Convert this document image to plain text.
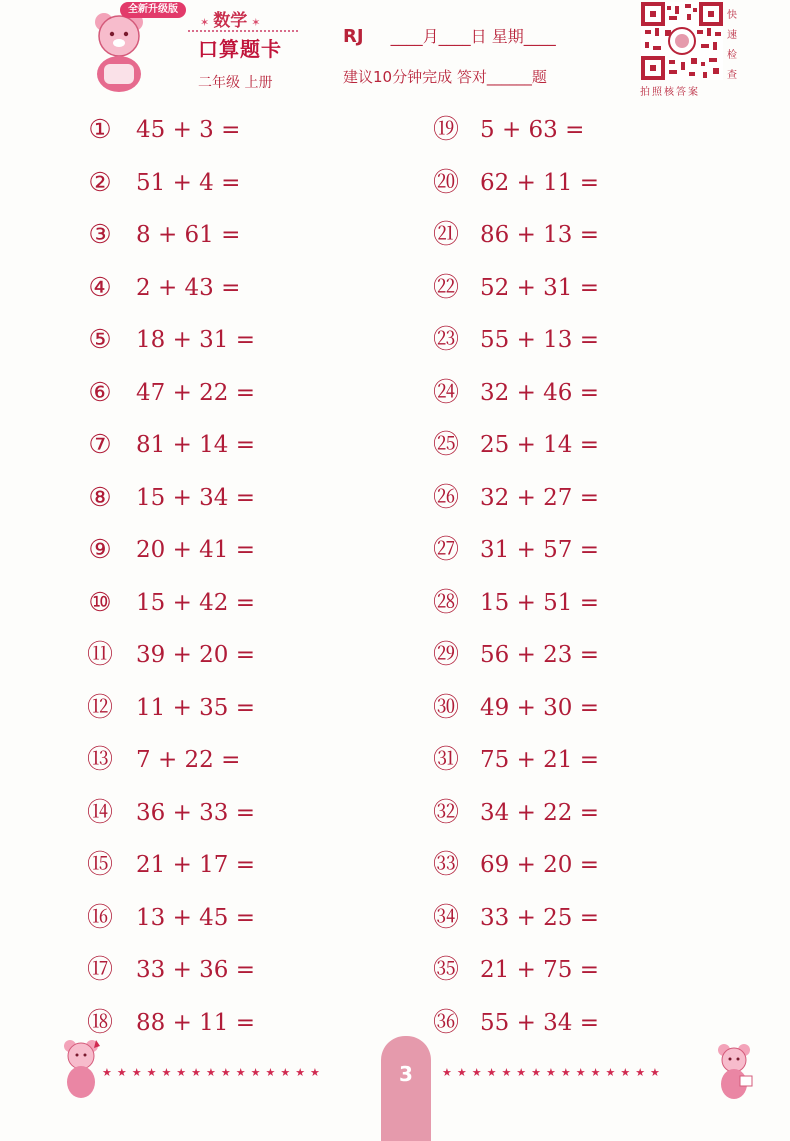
全新升级版
✶ 数学 ✶
口算题卡
二年级 上册
RJ ____月____日 星期____
建议10分钟完成 答对______题
快
速
检
查
拍照核答案
① 45 + 3 =
② 51 + 4 =
③ 8 + 61 =
④ 2 + 43 =
⑤ 18 + 31 =
⑥ 47 + 22 =
⑦ 81 + 14 =
⑧ 15 + 34 =
⑨ 20 + 41 =
⑩ 15 + 42 =
⑪ 39 + 20 =
⑫ 11 + 35 =
⑬ 7 + 22 =
⑭ 36 + 33 =
⑮ 21 + 17 =
⑯ 13 + 45 =
⑰ 33 + 36 =
⑱ 88 + 11 =
⑲ 5 + 63 =
⑳ 62 + 11 =
㉑ 86 + 13 =
㉒ 52 + 31 =
㉓ 55 + 13 =
㉔ 32 + 46 =
㉕ 25 + 14 =
㉖ 32 + 27 =
㉗ 31 + 57 =
㉘ 15 + 51 =
㉙ 56 + 23 =
㉚ 49 + 30 =
㉛ 75 + 21 =
㉜ 34 + 22 =
㉝ 69 + 20 =
㉞ 33 + 25 =
㉟ 21 + 75 =
㊱ 55 + 34 =
★★★★★★★★★★★★★★★	3	★★★★★★★★★★★★★★★
